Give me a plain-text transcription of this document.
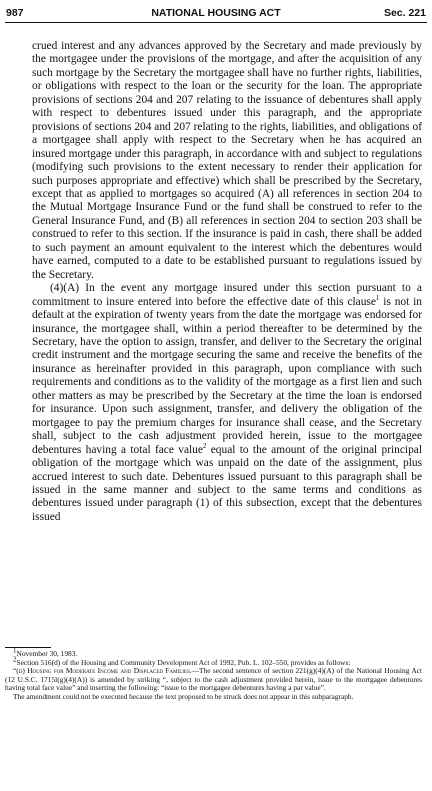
987	NATIONAL HOUSING ACT	Sec. 221

crued interest and any advances approved by the Secretary and made previously by the mortgagee under the provisions of the mortgage, and after the acquisition of any such mortgage by the Secretary the mortgagee shall have no further rights, liabilities, or obligations with respect to the loan or the security for the loan. The appropriate provisions of sections 204 and 207 relating to the issuance of debentures shall apply with respect to debentures issued under this paragraph, and the appropriate provisions of sections 204 and 207 relating to the rights, liabilities, and obligations of a mortgagee shall apply with respect to the Secretary when he has acquired an insured mortgage under this paragraph, in accordance with and subject to regulations (modifying such provisions to the extent necessary to render their application for such purposes appropriate and effective) which shall be prescribed by the Secretary, except that as applied to mortgages so acquired (A) all references in section 204 to the Mutual Mortgage Insurance Fund or the fund shall be construed to refer to the General Insurance Fund, and (B) all references in section 204 to section 203 shall be construed to refer to this section. If the insurance is paid in cash, there shall be added to such payment an amount equivalent to the interest which the debentures would have earned, computed to a date to be established pursuant to regulations issued by the Secretary.

(4)(A) In the event any mortgage insured under this section pursuant to a commitment to insure entered into before the effective date of this clause$^1$ is not in default at the expiration of twenty years from the date the mortgage was endorsed for insurance, the mortgagee shall, within a period thereafter to be determined by the Secretary, have the option to assign, transfer, and deliver to the Secretary the original credit instrument and the mortgage securing the same and receive the benefits of the insurance as hereinafter provided in this paragraph, upon compliance with such requirements and conditions as to the validity of the mortgage as a first lien and such other matters as may be prescribed by the Secretary at the time the loan is endorsed for insurance. Upon such assignment, transfer, and delivery the obligation of the mortgagee to pay the premium charges for insurance shall cease, and the Secretary shall, subject to the cash adjustment provided herein, issue to the mortgagee debentures having a total face value$^2$ equal to the amount of the original principal obligation of the mortgage which was unpaid on the date of the assignment, plus accrued interest to such date. Debentures issued pursuant to this paragraph shall be issued in the same manner and subject to the same terms and conditions as debentures issued under paragraph (1) of this subsection, except that the debentures issued

$^1$November 30, 1983.

$^2$Section 516(d) of the Housing and Community Development Act of 1992, Pub. L. 102–550, provides as follows:

“(d) Housing for Moderate Income and Displaced Families.—The second sentence of section 221(g)(4)(A) of the National Housing Act (12 U.S.C. 1715l(g)(4)(A)) is amended by striking “, subject to the cash adjustment provided herein, issue to the mortgagee debentures having total face value” and inserting the following: “issue to the mortgagee debentures having a par value”.

The amendment could not be executed because the text proposed to be struck does not appear in this subparagraph.
